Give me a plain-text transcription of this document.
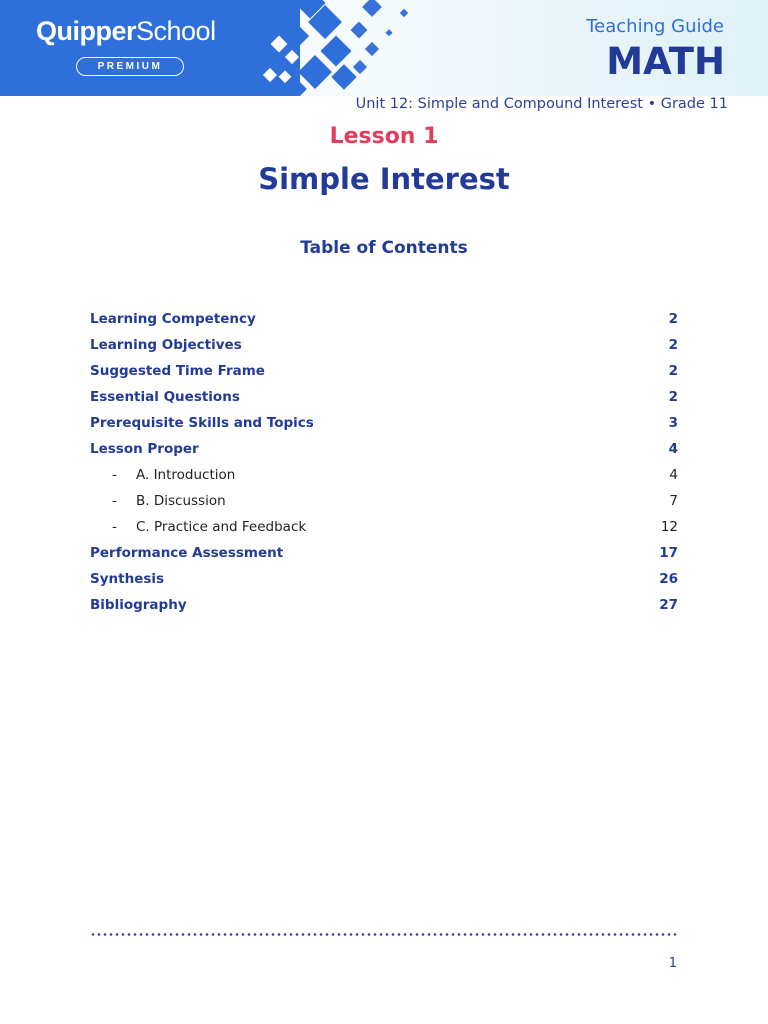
QuipperSchool
PREMIUM
Teaching Guide
MATH
Unit 12: Simple and Compound Interest • Grade 11
Lesson 1
Simple Interest
Table of Contents
Learning Competency	2
Learning Objectives	2
Suggested Time Frame	2
Essential Questions	2
Prerequisite Skills and Topics	3
Lesson Proper	4
-	A. Introduction	4
-	B. Discussion	7
-	C. Practice and Feedback	12
Performance Assessment	17
Synthesis	26
Bibliography	27
1
